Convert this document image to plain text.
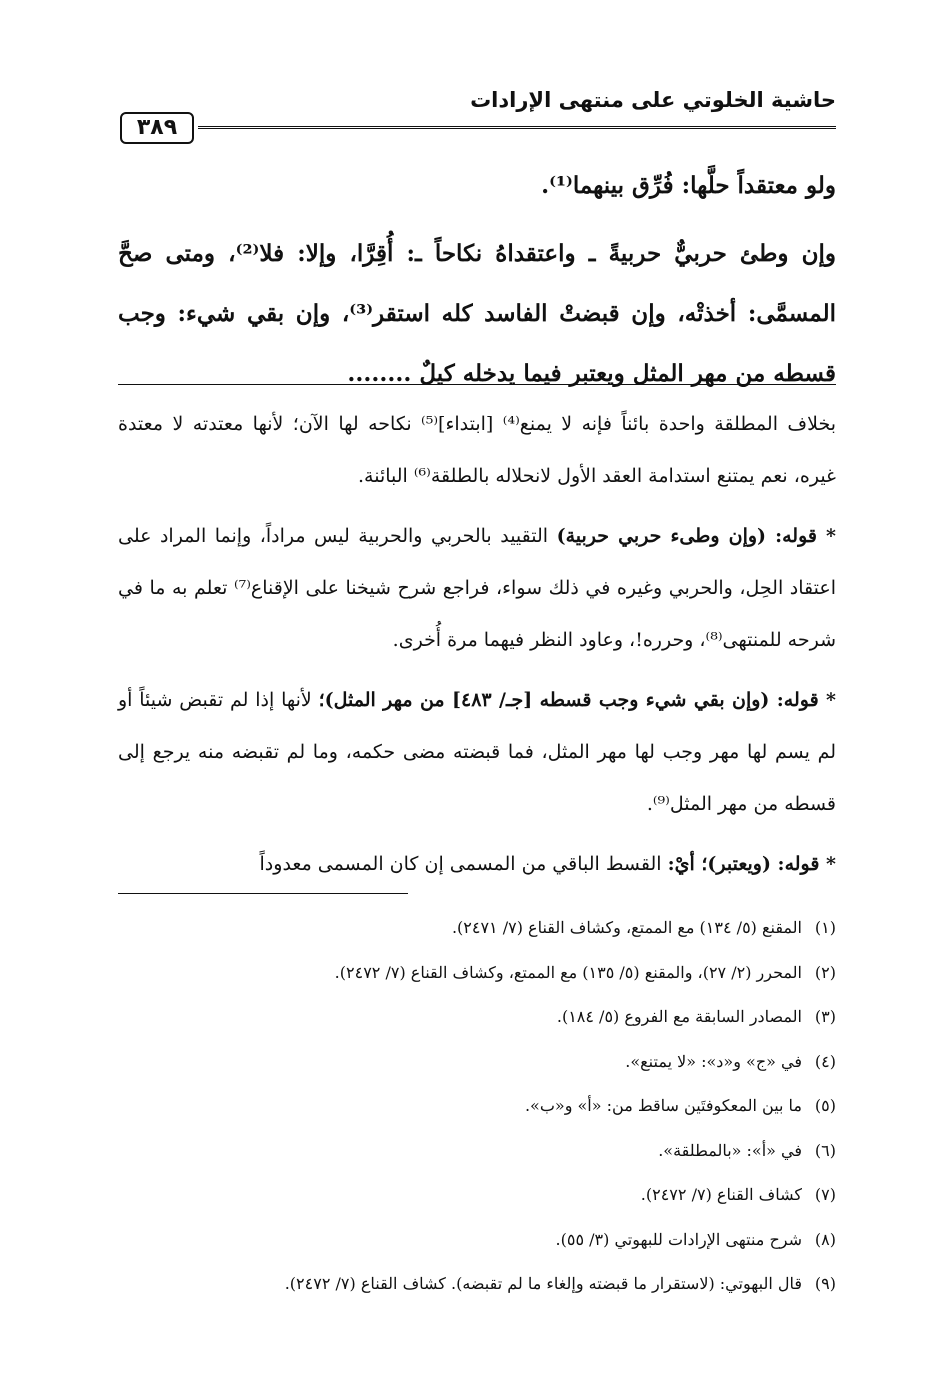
حاشية الخلوتي على منتهى الإرادات
٣٨٩

ولو معتقداً حلَّها: فُرِّق بينهما⁽¹⁾.

وإن وطئ حربيٌّ حربيةً ـ واعتقداهُ نكاحاً ـ: أُقِرَّا، وإلا: فلا⁽²⁾، ومتى صحَّ المسمَّى: أخذتْه، وإن قبضتْ الفاسد كله استقر⁽³⁾، وإن بقي شيء: وجب قسطه من مهر المثل ويعتبر فيما يدخله كيلٌ ........

بخلاف المطلقة واحدة بائناً فإنه لا يمنع⁽⁴⁾ [ابتداء]⁽⁵⁾ نكاحه لها الآن؛ لأنها معتدته لا معتدة غيره، نعم يمتنع استدامة العقد الأول لانحلاله بالطلقة⁽⁶⁾ البائنة.

* قوله: (وإن وطىء حربي حربية) التقييد بالحربي والحربية ليس مراداً، وإنما المراد على اعتقاد الحِل، والحربي وغيره في ذلك سواء، فراجع شرح شيخنا على الإقناع⁽⁷⁾ تعلم به ما في شرحه للمنتهى⁽⁸⁾، وحرره!، وعاود النظر فيهما مرة أُخرى.

* قوله: (وإن بقي شيء وجب قسطه [جـ/ ٤٨٣] من مهر المثل)؛ لأنها إذا لم تقبض شيئاً أو لم يسم لها مهر وجب لها مهر المثل، فما قبضته مضى حكمه، وما لم تقبضه منه يرجع إلى قسطه من مهر المثل⁽⁹⁾.

* قوله: (ويعتبر)؛ أيْ: القسط الباقي من المسمى إن كان المسمى معدوداً

(١)المقنع (٥/ ١٣٤) مع الممتع، وكشاف القناع (٧/ ٢٤٧١).
(٢)المحرر (٢/ ٢٧)، والمقنع (٥/ ١٣٥) مع الممتع، وكشاف القناع (٧/ ٢٤٧٢).
(٣)المصادر السابقة مع الفروع (٥/ ١٨٤).
(٤)في «ج» و«د»: «لا يمتنع».
(٥)ما بين المعكوفتَين ساقط من: «أ» و«ب».
(٦)في «أ»: «بالمطلقة».
(٧)كشاف القناع (٧/ ٢٤٧٢).
(٨)شرح منتهى الإرادات للبهوتي (٣/ ٥٥).
(٩)قال البهوتي: (لاستقرار ما قبضته وإلغاء ما لم تقبضه). كشاف القناع (٧/ ٢٤٧٢).
